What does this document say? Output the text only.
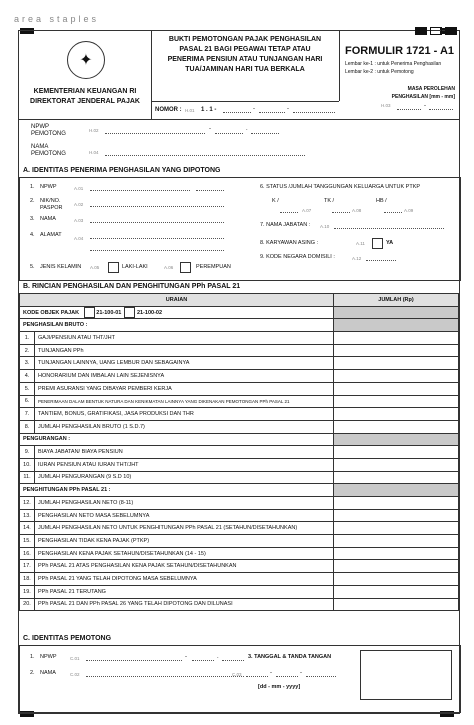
area staples
✦
KEMENTERIAN KEUANGAN RI
DIREKTORAT JENDERAL PAJAK
BUKTI PEMOTONGAN PAJAK PENGHASILAN
PASAL 21 BAGI PEGAWAI TETAP ATAU
PENERIMA PENSIUN ATAU TUNJANGAN HARI
TUA/JAMINAN HARI TUA BERKALA
NOMOR : H.01 1 . 1 -	-	-
FORMULIR 1721 - A1
Lembar ke-1 : untuk Penerima Penghasilan
Lembar ke-2 : untuk Pemotong
MASA PEROLEHAN
PENGHASILAN [mm - mm]
H.03	-
NPWP PEMOTONG
H.02	-	.
NAMA PEMOTONG	H.04
A. IDENTITAS PENERIMA PENGHASILAN YANG DIPOTONG
1. NPWP	A.01
2. NIK/NO. PASPOR
A.02
3. NAMA	A.03
4. ALAMAT
A.04
5. JENIS KELAMIN A.05	LAKI-LAKI	A.06	PEREMPUAN
6. STATUS /JUMLAH TANGGUNGAN KELUARGA UNTUK PTKP
K /	TK /	HB /
A.07	A.08	A.09
7. NAMA JABATAN : A.10
8. KARYAWAN ASING :	A.11	YA
9. KODE NEGARA DOMISILI :	A.12
B. RINCIAN PENGHASILAN DAN PENGHITUNGAN PPh PASAL 21
URAIAN		JUMLAH (Rp)
KODE OBJEK PAJAK 21-100-01 21-100-02		
PENGHASILAN BRUTO :		
1.	GAJI/PENSIUN ATAU THT/JHT	
2.	TUNJANGAN PPh	
3.	TUNJANGAN LAINNYA, UANG LEMBUR DAN SEBAGAINYA	
4.	HONORARIUM DAN IMBALAN LAIN SEJENISNYA	
5.	PREMI ASURANSI YANG DIBAYAR PEMBERI KERJA	
6.	PENERIMAAN DALAM BENTUK NATURA DAN KENIKMATAN LAINNYA YANG DIKENAKAN PEMOTONGAN PPh PASAL 21	
7.	TANTIEM, BONUS, GRATIFIKASI, JASA PRODUKSI DAN THR	
8.	JUMLAH PENGHASILAN BRUTO (1 S.D.7)	
PENGURANGAN :		
9.	BIAYA JABATAN/ BIAYA PENSIUN	
10.	IURAN PENSIUN ATAU IURAN THT/JHT	
11.	JUMLAH PENGURANGAN (9 S.D 10)	
PENGHITUNGAN PPh PASAL 21 :		
12.	JUMLAH PENGHASILAN NETO (8-11)	
13.	PENGHASILAN NETO MASA SEBELUMNYA	
14.	JUMLAH PENGHASILAN NETO UNTUK PENGHITUNGAN PPh PASAL 21 (SETAHUN/DISETAHUNKAN)	
15.	PENGHASILAN TIDAK KENA PAJAK (PTKP)	
16.	PENGHASILAN KENA PAJAK SETAHUN/DISETAHUNKAN (14 - 15)	
17.	PPh PASAL 21 ATAS PENGHASILAN KENA PAJAK SETAHUN/DISETAHUNKAN	
18.	PPh PASAL 21 YANG TELAH DIPOTONG MASA SEBELUMNYA	
19.	PPh PASAL 21 TERUTANG	
20.	PPh PASAL 21 DAN PPh PASAL 26 YANG TELAH DIPOTONG DAN DILUNASI	
C. IDENTITAS PEMOTONG
1. NPWP	C.01	-	.
2. NAMA	C.02
3. TANGGAL & TANDA TANGAN
C.03	-	-
[dd - mm - yyyy]
